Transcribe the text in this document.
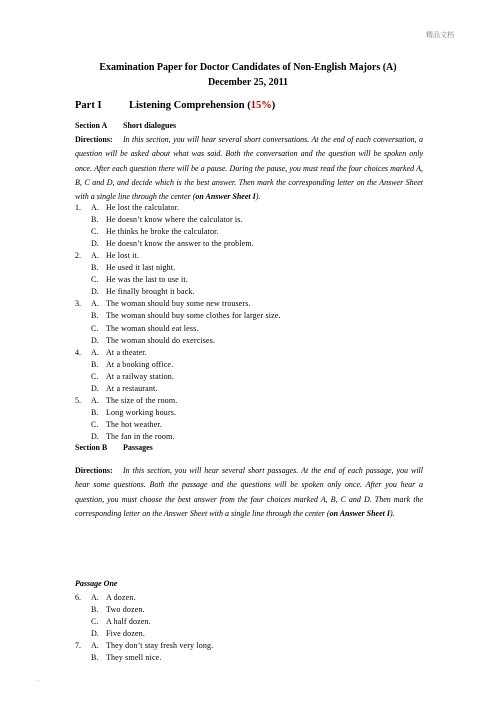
精品文档
Examination Paper for Doctor Candidates of Non-English Majors (A)
December 25, 2011
Part I	Listening Comprehension (15%)
Section A Short dialogues
Directions: In this section, you will hear several short conversations. At the end of each conversation, a question will be asked about what was said. Both the conversation and the question will be spoken only once. After each question there will be a pause. During the pause, you must read the four choices marked A, B, C and D, and decide which is the best answer. Then mark the corresponding letter on the Answer Sheet with a single line through the center (on Answer Sheet I).
1. A. He lost the calculator.
B. He doesn’t know where the calculator is.
C. He thinks he broke the calculator.
D. He doesn’t know the answer to the problem.
2. A. He lost it.
B. He used it last night.
C. He was the last to use it.
D. He finally brought it back.
3. A. The woman should buy some new trousers.
B. The woman should buy some clothes for larger size.
C. The woman should eat less.
D. The woman should do exercises.
4. A. At a theater.
B. At a booking office.
C. At a railway station.
D. At a restaurant.
5. A. The size of the room.
B. Long working hours.
C. The hot weather.
D. The fan in the room.
Section B Passages
Directions: In this section, you will hear several short passages. At the end of each passage, you will hear some questions. Both the passage and the questions will be spoken only once. After you hear a question, you must choose the best answer from the four choices marked A, B, C and D. Then mark the corresponding letter on the Answer Sheet with a single line through the center (on Answer Sheet I).
Passage One
6. A. A dozen.
B. Two dozen.
C. A half dozen.
D. Five dozen.
7. A. They don’t stay fresh very long.
B. They smell nice.
.
